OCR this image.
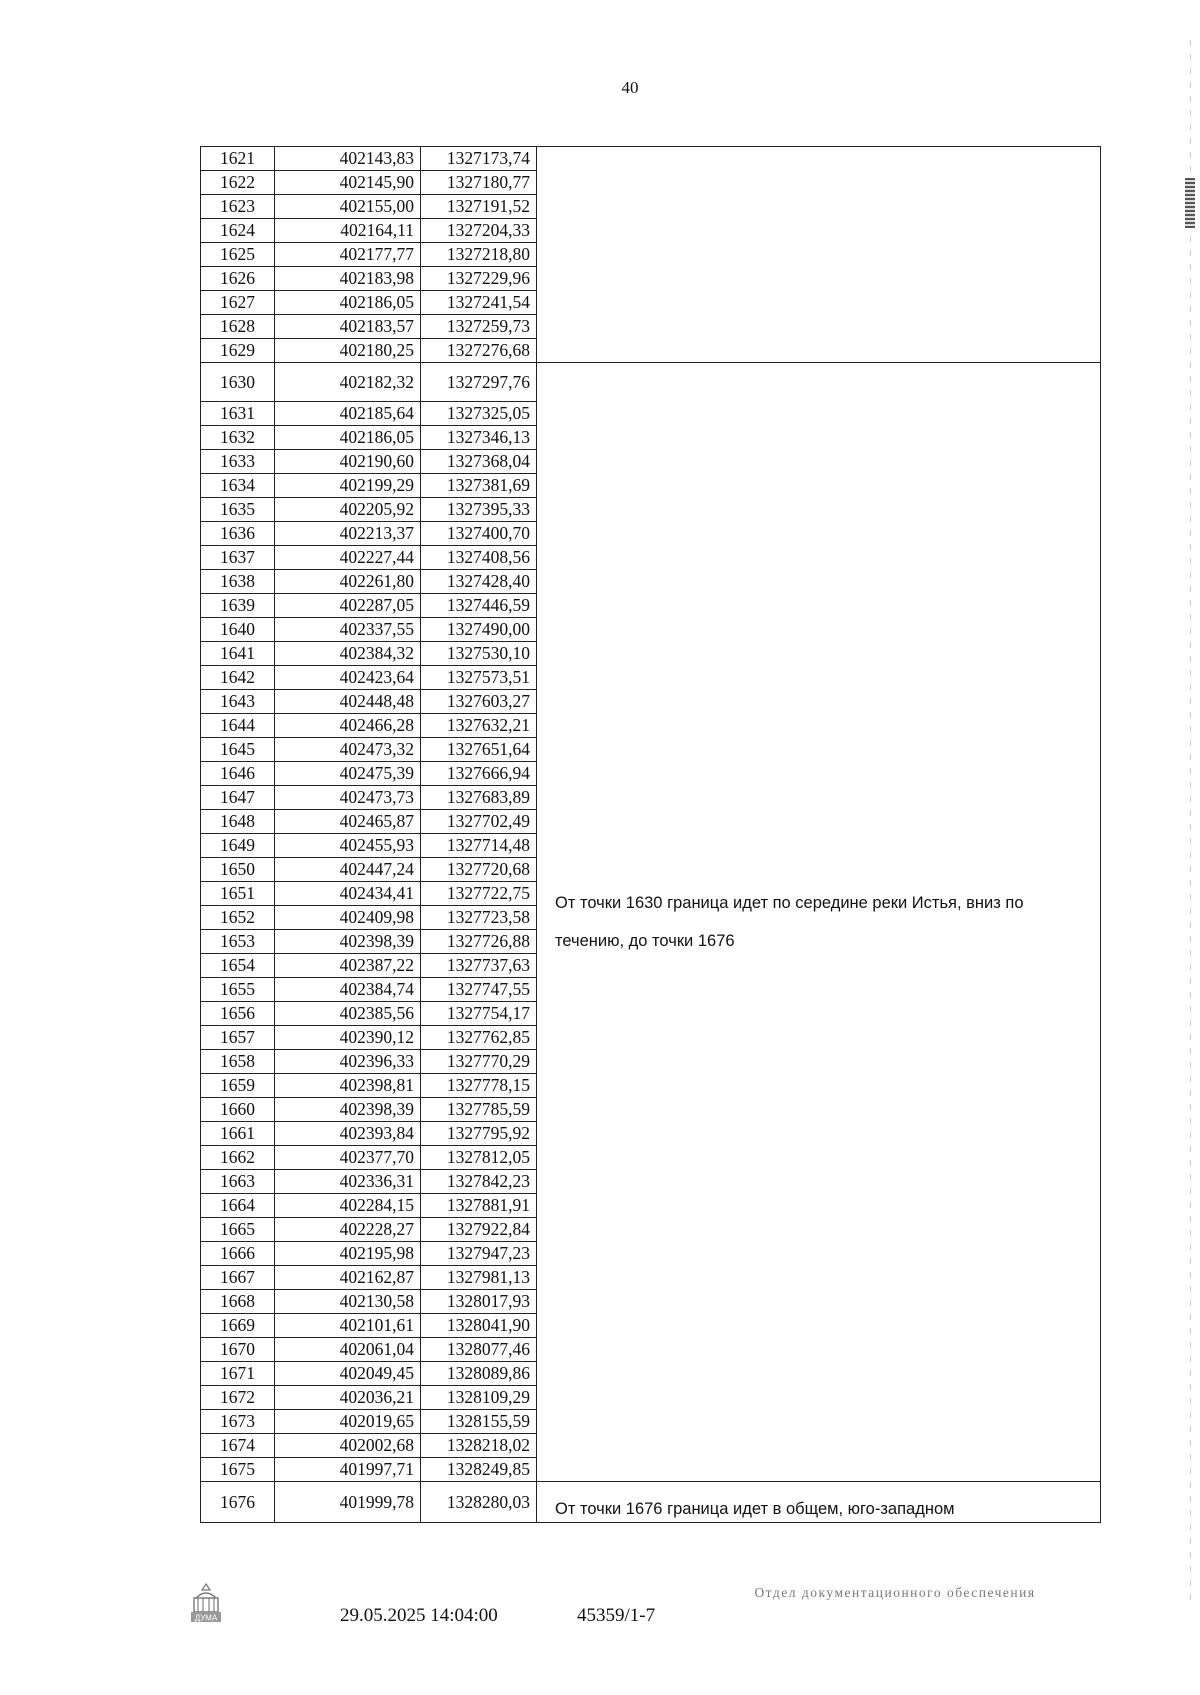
40
1621	402143,83	1327173,74	
1622	402145,90	1327180,77	
1623	402155,00	1327191,52	
1624	402164,11	1327204,33	
1625	402177,77	1327218,80	
1626	402183,98	1327229,96	
1627	402186,05	1327241,54	
1628	402183,57	1327259,73	
1629	402180,25	1327276,68	
1630	402182,32	1327297,76	От точки 1630 граница идет по середине реки Истья, вниз по течению, до точки 1676
1631	402185,64	1327325,05	
1632	402186,05	1327346,13	
1633	402190,60	1327368,04	
1634	402199,29	1327381,69	
1635	402205,92	1327395,33	
1636	402213,37	1327400,70	
1637	402227,44	1327408,56	
1638	402261,80	1327428,40	
1639	402287,05	1327446,59	
1640	402337,55	1327490,00	
1641	402384,32	1327530,10	
1642	402423,64	1327573,51	
1643	402448,48	1327603,27	
1644	402466,28	1327632,21	
1645	402473,32	1327651,64	
1646	402475,39	1327666,94	
1647	402473,73	1327683,89	
1648	402465,87	1327702,49	
1649	402455,93	1327714,48	
1650	402447,24	1327720,68	
1651	402434,41	1327722,75	
1652	402409,98	1327723,58	
1653	402398,39	1327726,88	
1654	402387,22	1327737,63	
1655	402384,74	1327747,55	
1656	402385,56	1327754,17	
1657	402390,12	1327762,85	
1658	402396,33	1327770,29	
1659	402398,81	1327778,15	
1660	402398,39	1327785,59	
1661	402393,84	1327795,92	
1662	402377,70	1327812,05	
1663	402336,31	1327842,23	
1664	402284,15	1327881,91	
1665	402228,27	1327922,84	
1666	402195,98	1327947,23	
1667	402162,87	1327981,13	
1668	402130,58	1328017,93	
1669	402101,61	1328041,90	
1670	402061,04	1328077,46	
1671	402049,45	1328089,86	
1672	402036,21	1328109,29	
1673	402019,65	1328155,59	
1674	402002,68	1328218,02	
1675	401997,71	1328249,85	
1676	401999,78	1328280,03	От точки 1676 граница идет в общем, юго-западном
ДУМА	29.05.2025 14:04:00	45359/1-7
Отдел документационного обеспечения
